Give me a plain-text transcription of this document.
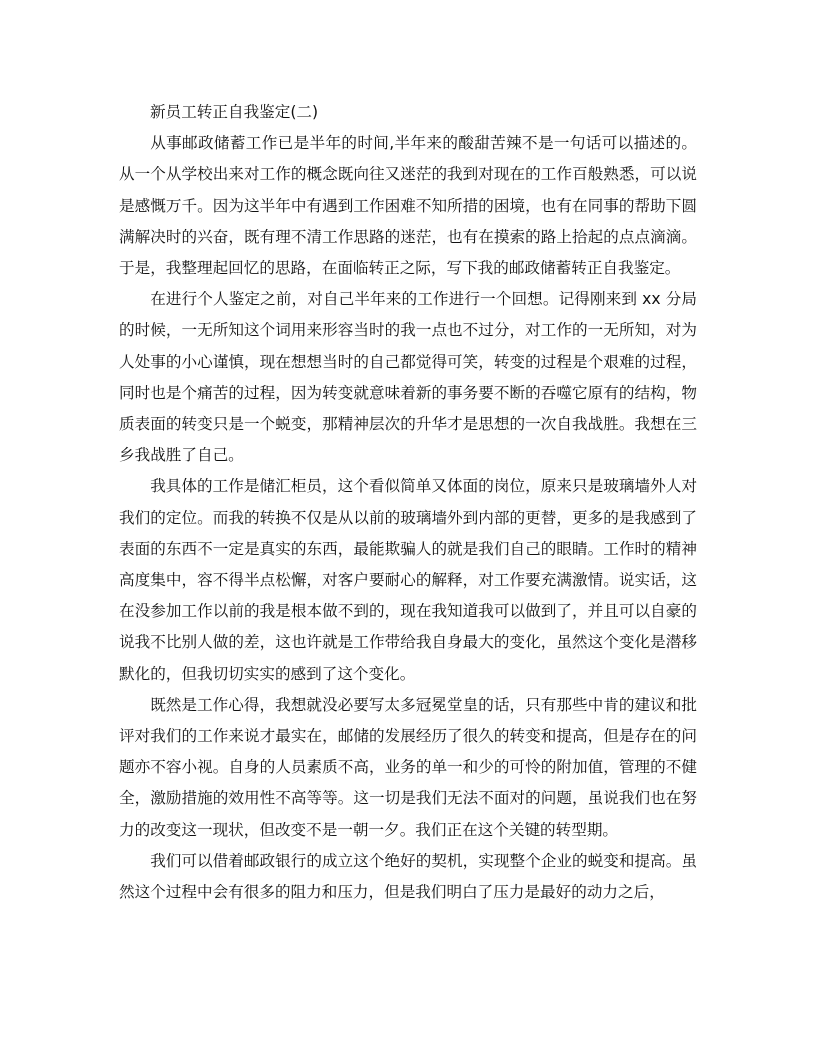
新员工转正自我鉴定(二)

从事邮政储蓄工作已是半年的时间,半年来的酸甜苦辣不是一句话可以描述的。从一个从学校出来对工作的概念既向往又迷茫的我到对现在的工作百般熟悉，可以说是感慨万千。因为这半年中有遇到工作困难不知所措的困境，也有在同事的帮助下圆满解决时的兴奋，既有理不清工作思路的迷茫，也有在摸索的路上拾起的点点滴滴。于是，我整理起回忆的思路，在面临转正之际，写下我的邮政储蓄转正自我鉴定。

在进行个人鉴定之前，对自己半年来的工作进行一个回想。记得刚来到 xx 分局的时候，一无所知这个词用来形容当时的我一点也不过分，对工作的一无所知，对为人处事的小心谨慎，现在想想当时的自己都觉得可笑，转变的过程是个艰难的过程，同时也是个痛苦的过程，因为转变就意味着新的事务要不断的吞噬它原有的结构，物质表面的转变只是一个蜕变，那精神层次的升华才是思想的一次自我战胜。我想在三乡我战胜了自己。

我具体的工作是储汇柜员，这个看似简单又体面的岗位，原来只是玻璃墙外人对我们的定位。而我的转换不仅是从以前的玻璃墙外到内部的更替，更多的是我感到了表面的东西不一定是真实的东西，最能欺骗人的就是我们自己的眼睛。工作时的精神高度集中，容不得半点松懈，对客户要耐心的解释，对工作要充满激情。说实话，这在没参加工作以前的我是根本做不到的，现在我知道我可以做到了，并且可以自豪的说我不比别人做的差，这也许就是工作带给我自身最大的变化，虽然这个变化是潜移默化的，但我切切实实的感到了这个变化。

既然是工作心得，我想就没必要写太多冠冕堂皇的话，只有那些中肯的建议和批评对我们的工作来说才最实在，邮储的发展经历了很久的转变和提高，但是存在的问题亦不容小视。自身的人员素质不高，业务的单一和少的可怜的附加值，管理的不健全，激励措施的效用性不高等等。这一切是我们无法不面对的问题，虽说我们也在努力的改变这一现状，但改变不是一朝一夕。我们正在这个关键的转型期。

我们可以借着邮政银行的成立这个绝好的契机，实现整个企业的蜕变和提高。虽然这个过程中会有很多的阻力和压力，但是我们明白了压力是最好的动力之后，
